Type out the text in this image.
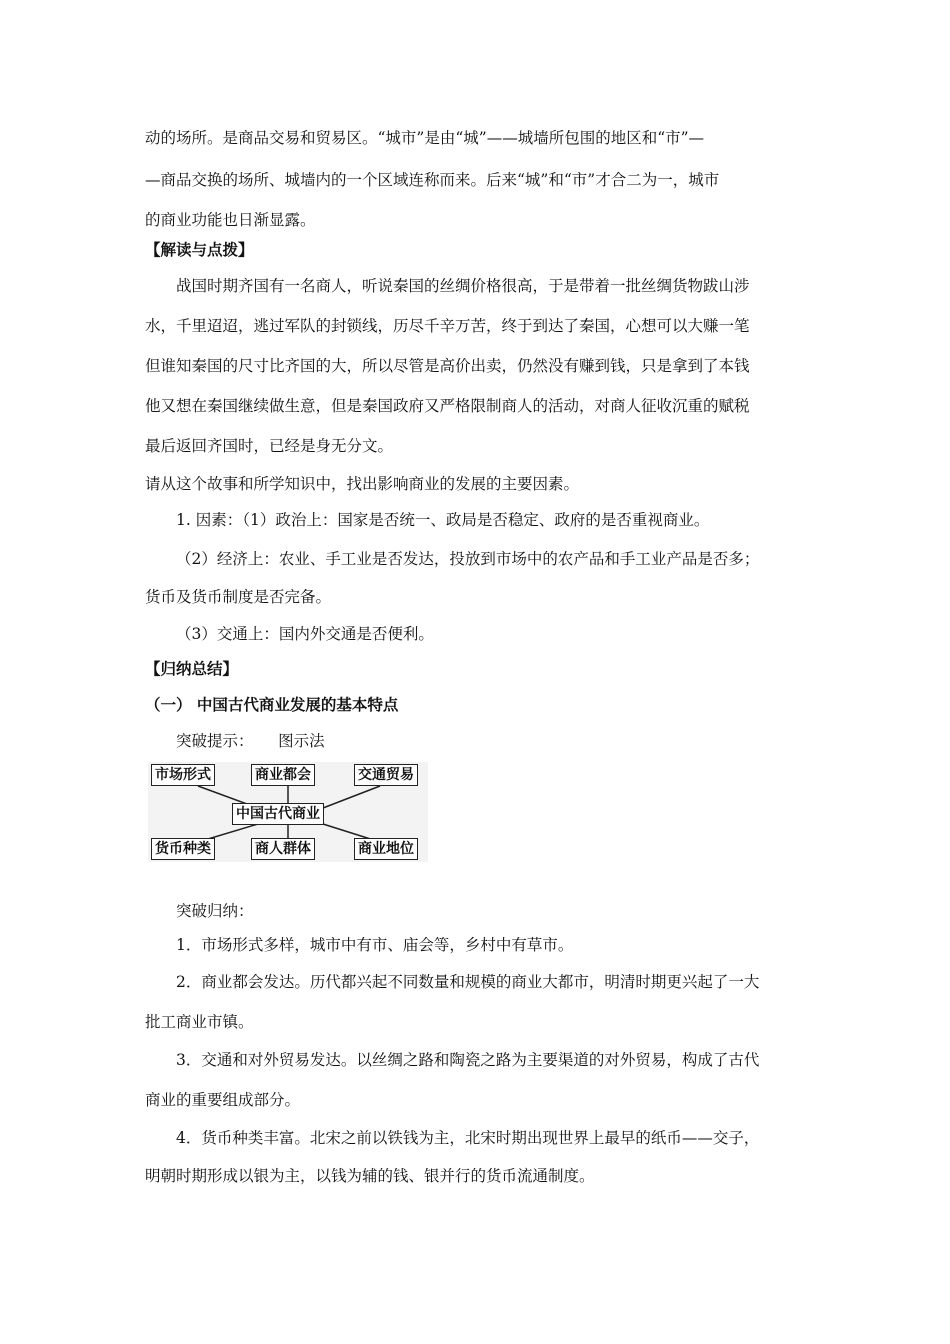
动的场所。是商品交易和贸易区。“城市”是由“城”——城墙所包围的地区和“市”—
—商品交换的场所、城墙内的一个区域连称而来。后来“城”和“市”才合二为一，城市
的商业功能也日渐显露。
【解读与点拨】
战国时期齐国有一名商人，听说秦国的丝绸价格很高，于是带着一批丝绸货物跋山涉
水，千里迢迢，逃过军队的封锁线，历尽千辛万苦，终于到达了秦国，心想可以大赚一笔
但谁知秦国的尺寸比齐国的大，所以尽管是高价出卖，仍然没有赚到钱，只是拿到了本钱
他又想在秦国继续做生意，但是秦国政府又严格限制商人的活动，对商人征收沉重的赋税
最后返回齐国时，已经是身无分文。
请从这个故事和所学知识中，找出影响商业的发展的主要因素。
1. 因素：（1）政治上：国家是否统一、政局是否稳定、政府的是否重视商业。
（2）经济上：农业、手工业是否发达，投放到市场中的农产品和手工业产品是否多；
货币及货币制度是否完备。
（3）交通上：国内外交通是否便利。
【归纳总结】
（一） 中国古代商业发展的基本特点
突破提示：     图示法
市场形式	商业都会	交通贸易
中国古代商业
货币种类	商人群体	商业地位
突破归纳：
1．市场形式多样，城市中有市、庙会等，乡村中有草市。
2．商业都会发达。历代都兴起不同数量和规模的商业大都市，明清时期更兴起了一大
批工商业市镇。
3．交通和对外贸易发达。以丝绸之路和陶瓷之路为主要渠道的对外贸易，构成了古代
商业的重要组成部分。
4．货币种类丰富。北宋之前以铁钱为主，北宋时期出现世界上最早的纸币——交子，
明朝时期形成以银为主，以钱为辅的钱、银并行的货币流通制度。
